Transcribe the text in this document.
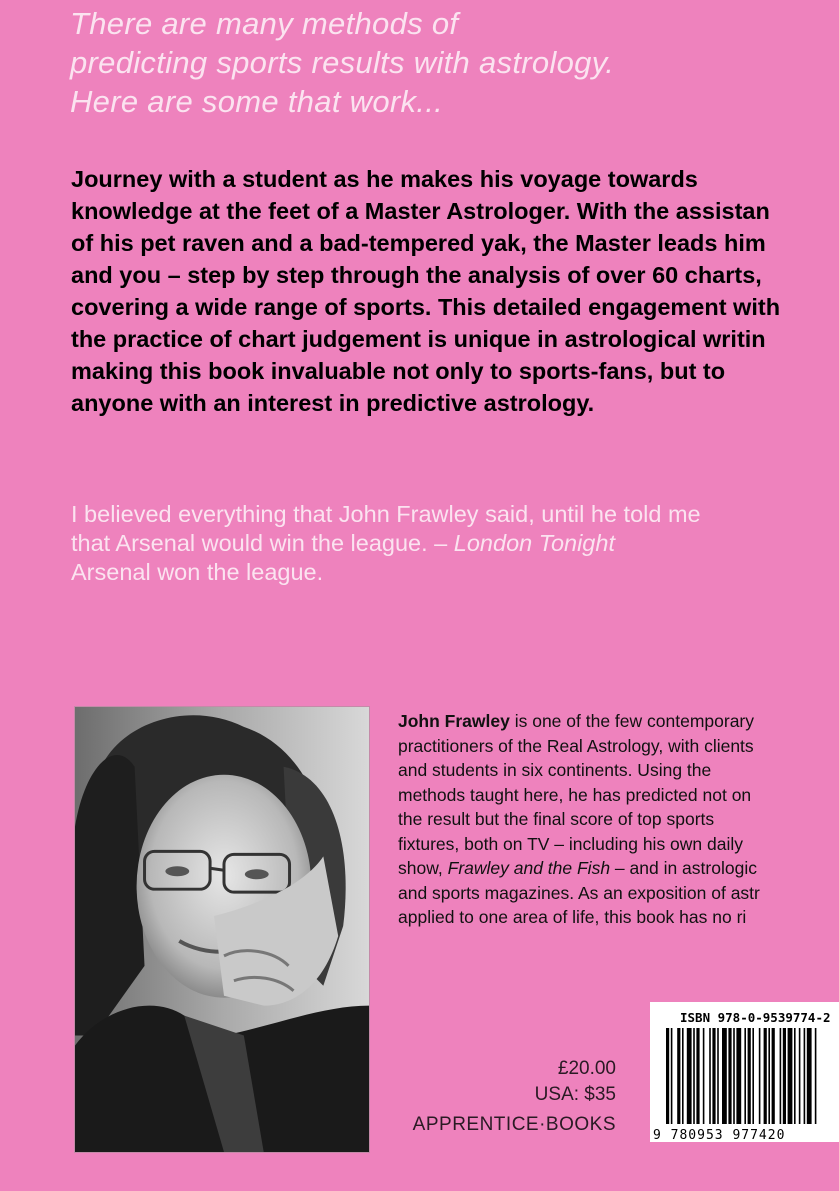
There are many methods of
predicting sports results with astrology.
Here are some that work...
Journey with a student as he makes his voyage towards
knowledge at the feet of a Master Astrologer. With the assistan
of his pet raven and a bad-tempered yak, the Master leads him
and you – step by step through the analysis of over 60 charts,
covering a wide range of sports. This detailed engagement with
the practice of chart judgement is unique in astrological writin
making this book invaluable not only to sports-fans, but to
anyone with an interest in predictive astrology.
I believed everything that John Frawley said, until he told me
that Arsenal would win the league. – London Tonight
Arsenal won the league.
John Frawley is one of the few contemporary
practitioners of the Real Astrology, with clients
and students in six continents. Using the
methods taught here, he has predicted not on
the result but the final score of top sports
fixtures, both on TV – including his own daily
show, Frawley and the Fish – and in astrologic
and sports magazines. As an exposition of astr
applied to one area of life, this book has no ri
£20.00
USA: $35
APPRENTICE·BOOKS
ISBN 978-0-9539774-2
9 780953 977420
